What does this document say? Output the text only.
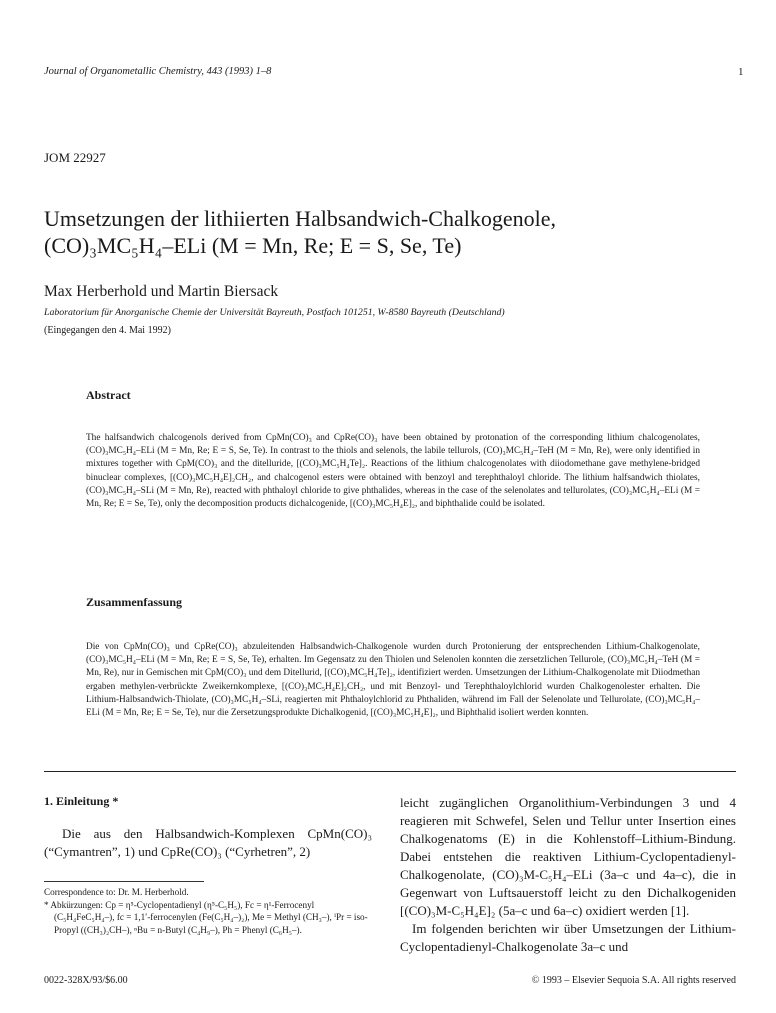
Journal of Organometallic Chemistry, 443 (1993) 1–8	1
JOM 22927
Umsetzungen der lithiierten Halbsandwich-Chalkogenole,
(CO)₃MC₅H₄–ELi (M = Mn, Re; E = S, Se, Te)
Max Herberhold und Martin Biersack
Laboratorium für Anorganische Chemie der Universität Bayreuth, Postfach 101251, W-8580 Bayreuth (Deutschland)
(Eingegangen den 4. Mai 1992)
Abstract
The halfsandwich chalcogenols derived from CpMn(CO)₃ and CpRe(CO)₃ have been obtained by protonation of the corresponding lithium chalcogenolates, (CO)₃MC₅H₄–ELi (M = Mn, Re; E = S, Se, Te). In contrast to the thiols and selenols, the labile tellurols, (CO)₃MC₅H₄–TeH (M = Mn, Re), were only identified in mixtures together with CpM(CO)₃ and the ditelluride, [(CO)₃MC₅H₄Te]₂. Reactions of the lithium chalcogenolates with diiodomethane gave methylene-bridged binuclear complexes, [(CO)₃MC₅H₄E]₂CH₂, and chalcogenol esters were obtained with benzoyl and terephthaloyl chloride. The lithium halfsandwich thiolates, (CO)₃MC₅H₄–SLi (M = Mn, Re), reacted with phthaloyl chloride to give phthalides, whereas in the case of the selenolates and tellurolates, (CO)₃MC₅H₄–ELi (M = Mn, Re; E = Se, Te), only the decomposition products dichalcogenide, [(CO)₃MC₅H₄E]₂, and biphthalide could be isolated.
Zusammenfassung
Die von CpMn(CO)₃ und CpRe(CO)₃ abzuleitenden Halbsandwich-Chalkogenole wurden durch Protonierung der entsprechenden Lithium-Chalkogenolate, (CO)₃MC₅H₄–ELi (M = Mn, Re; E = S, Se, Te), erhalten. Im Gegensatz zu den Thiolen und Selenolen konnten die zersetzlichen Tellurole, (CO)₃MC₅H₄–TeH (M = Mn, Re), nur in Gemischen mit CpM(CO)₃ und dem Ditellurid, [(CO)₃MC₅H₄Te]₂, identifiziert werden. Umsetzungen der Lithium-Chalkogenolate mit Diiodmethan ergaben methylen-verbrückte Zweikernkomplexe, [(CO)₃MC₅H₄E]₂CH₂, und mit Benzoyl- und Terephthaloylchlorid wurden Chalkogenolester erhalten. Die Lithium-Halbsandwich-Thiolate, (CO)₃MC₅H₄–SLi, reagierten mit Phthaloylchlorid zu Phthaliden, während im Fall der Selenolate und Tellurolate, (CO)₃MC₅H₄–ELi (M = Mn, Re; E = Se, Te), nur die Zersetzungsprodukte Dichalkogenid, [(CO)₃MC₅H₄E]₂, und Biphthalid isoliert werden konnten.
1. Einleitung *

Die aus den Halbsandwich-Komplexen CpMn(CO)₃ (“Cymantren”, 1) und CpRe(CO)₃ (“Cyrhetren”, 2)

Correspondence to: Dr. M. Herberhold.

* Abkürzungen: Cp = η⁵-Cyclopentadienyl (η⁵-C₅H₅), Fc = η¹-Ferrocenyl (C₅H₄FeC₅H₄–), fc = 1,1′-ferrocenylen (Fe(C₅H₄–)₂), Me = Methyl (CH₃–), ⁱPr = iso-Propyl ((CH₃)₂CH–), ⁿBu = n-Butyl (C₄H₉–), Ph = Phenyl (C₆H₅–).

leicht zugänglichen Organolithium-Verbindungen 3 und 4 reagieren mit Schwefel, Selen und Tellur unter Insertion eines Chalkogenatoms (E) in die Kohlenstoff–Lithium-Bindung. Dabei entstehen die reaktiven Lithium-Cyclopentadienyl-Chalkogenolate, (CO)₃M-C₅H₄–ELi (3a–c und 4a–c), die in Gegenwart von Luftsauerstoff leicht zu den Dichalkogeniden [(CO)₃M-C₅H₄E]₂ (5a–c und 6a–c) oxidiert werden [1].

Im folgenden berichten wir über Umsetzungen der Lithium-Cyclopentadienyl-Chalkogenolate 3a–c und

0022-328X/93/$6.00	© 1993 – Elsevier Sequoia S.A. All rights reserved
